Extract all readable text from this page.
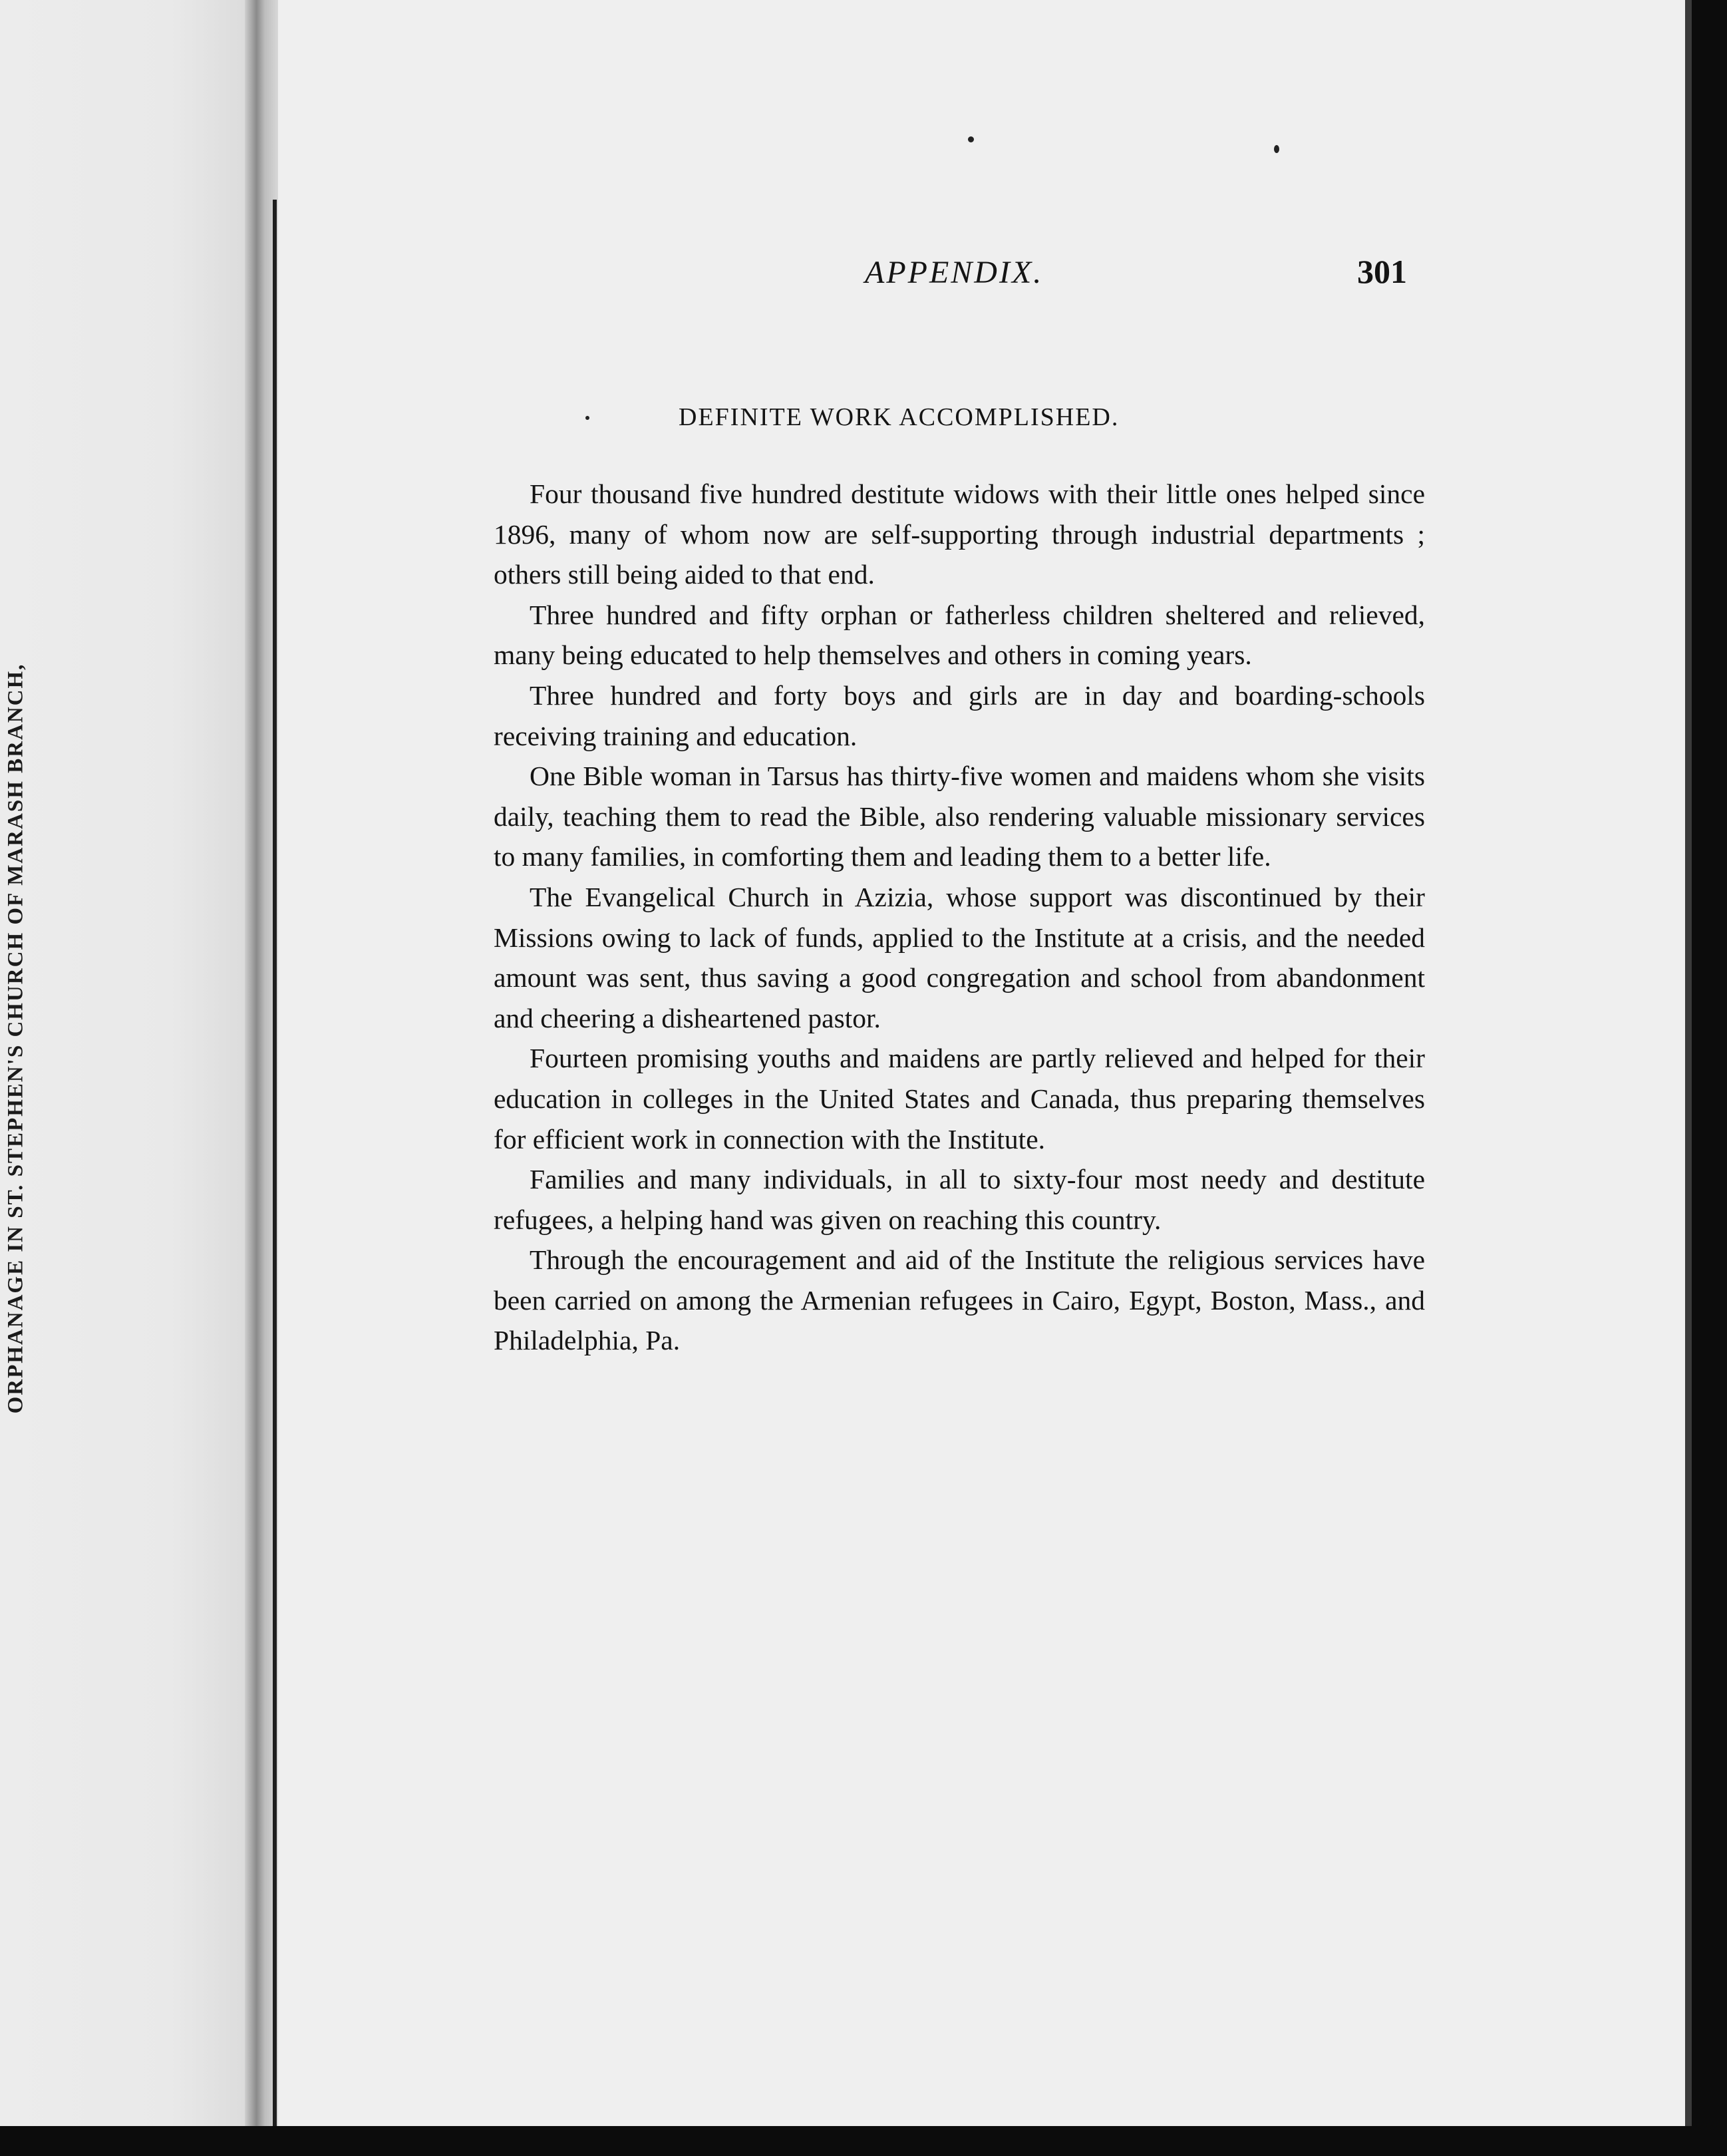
ORPHANAGE IN ST. STEPHEN'S CHURCH OF MARASH BRANCH,
APPENDIX.	301
DEFINITE WORK ACCOMPLISHED.

Four thousand five hundred destitute widows with their little ones helped since 1896, many of whom now are self-supporting through industrial departments ; others still being aided to that end.

Three hundred and fifty orphan or fatherless children sheltered and relieved, many being educated to help themselves and others in coming years.

Three hundred and forty boys and girls are in day and boarding-schools receiving training and education.

One Bible woman in Tarsus has thirty-five women and maidens whom she visits daily, teaching them to read the Bible, also rendering valuable missionary services to many families, in comforting them and leading them to a better life.

The Evangelical Church in Azizia, whose support was discontinued by their Missions owing to lack of funds, applied to the Institute at a crisis, and the needed amount was sent, thus saving a good congregation and school from abandonment and cheering a disheartened pastor.

Fourteen promising youths and maidens are partly relieved and helped for their education in colleges in the United States and Canada, thus preparing themselves for efficient work in connection with the Institute.

Families and many individuals, in all to sixty-four most needy and destitute refugees, a helping hand was given on reaching this country.

Through the encouragement and aid of the Institute the religious services have been carried on among the Armenian refugees in Cairo, Egypt, Boston, Mass., and Philadelphia, Pa.
